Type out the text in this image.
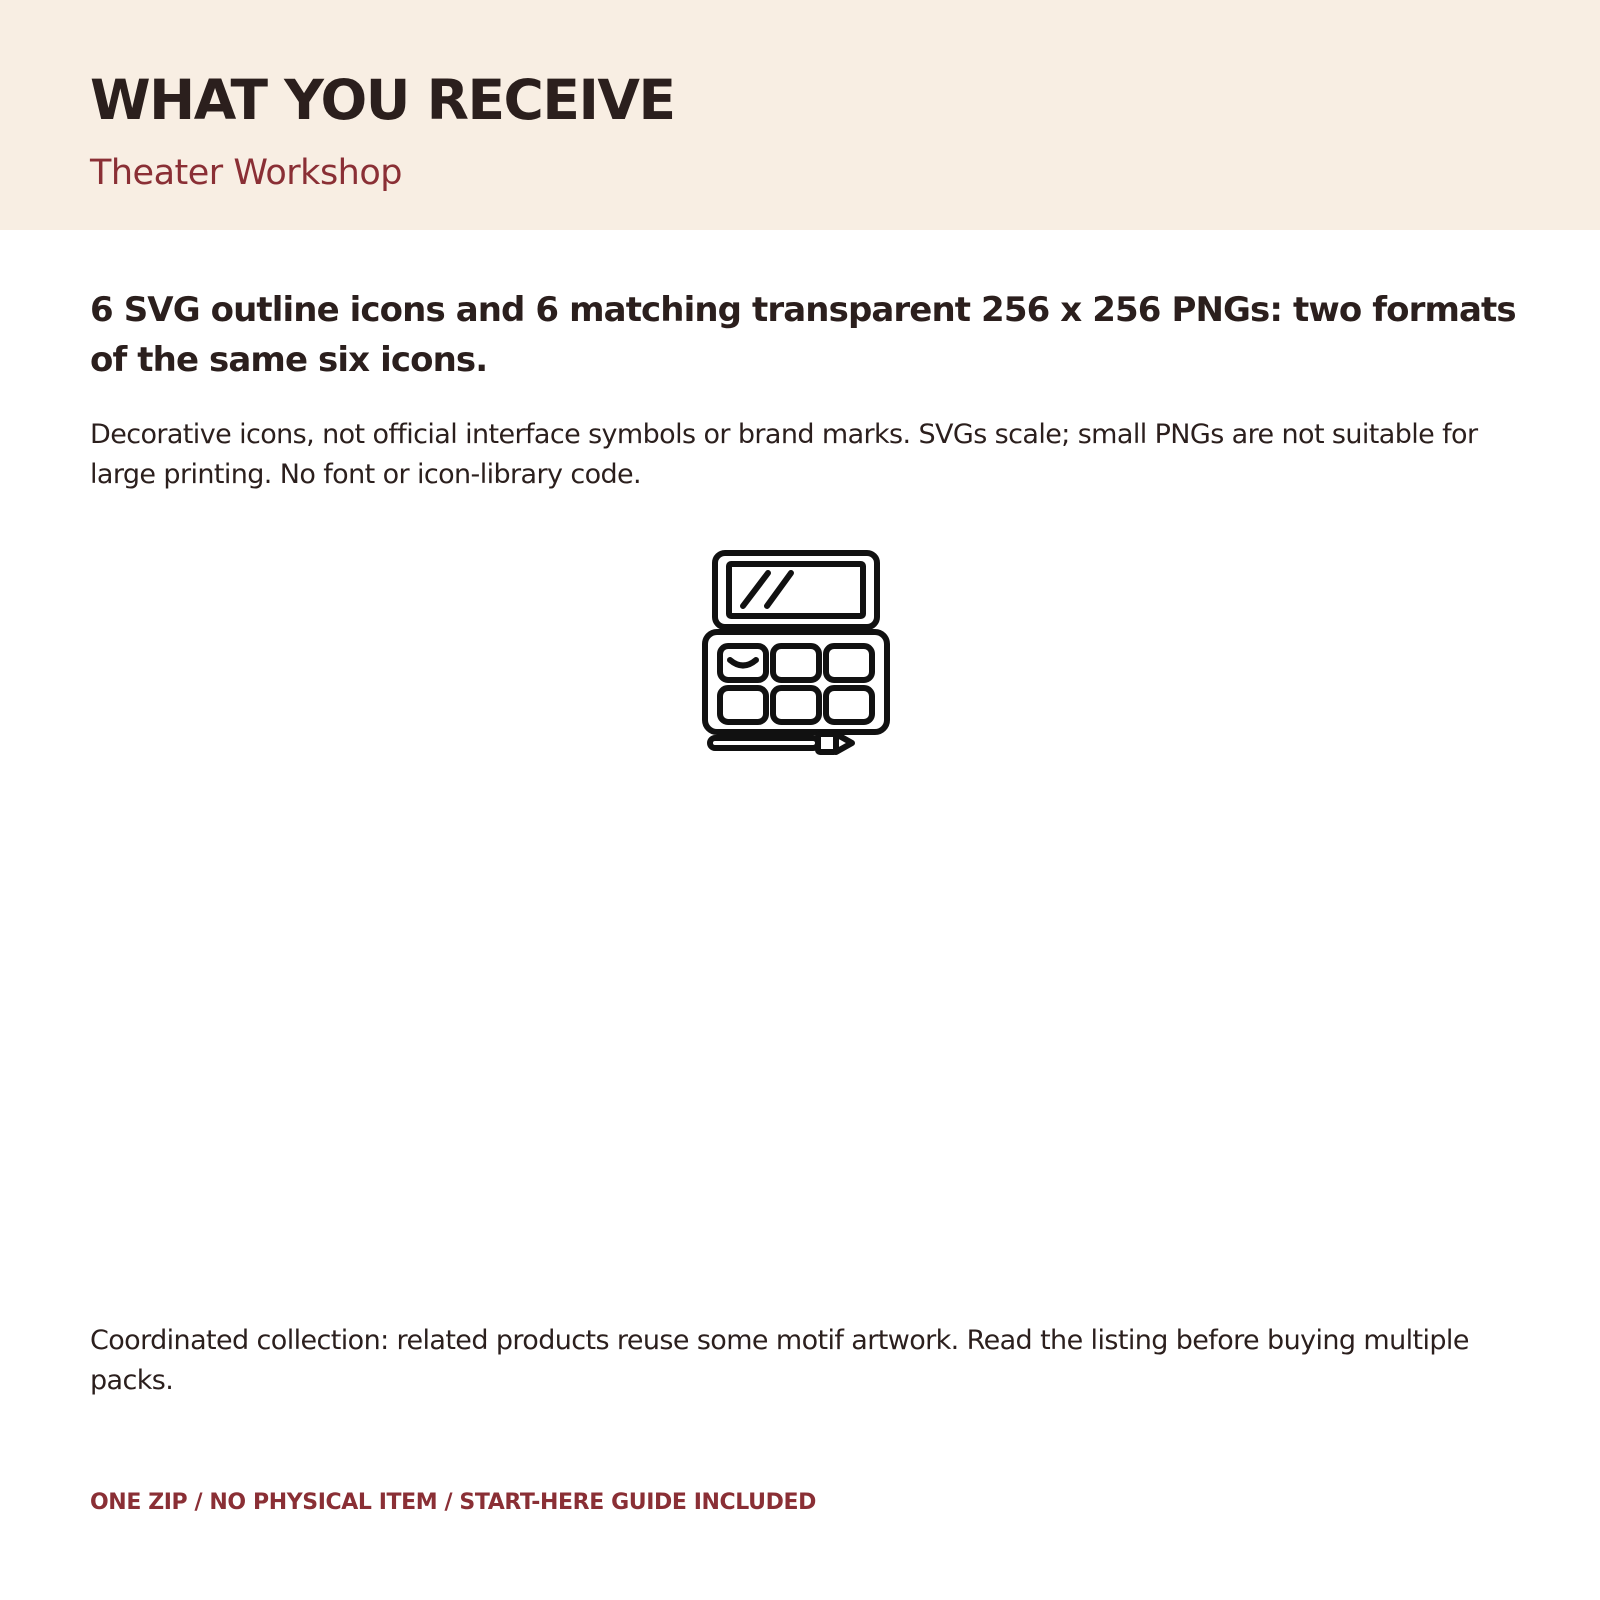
WHAT YOU RECEIVE

Theater Workshop

6 SVG outline icons and 6 matching transparent 256 x 256 PNGs: two formats of the same six icons.

Decorative icons, not official interface symbols or brand marks. SVGs scale; small PNGs are not suitable for large printing. No font or icon-library code.

Coordinated collection: related products reuse some motif artwork. Read the listing before buying multiple packs.

ONE ZIP / NO PHYSICAL ITEM / START-HERE GUIDE INCLUDED
